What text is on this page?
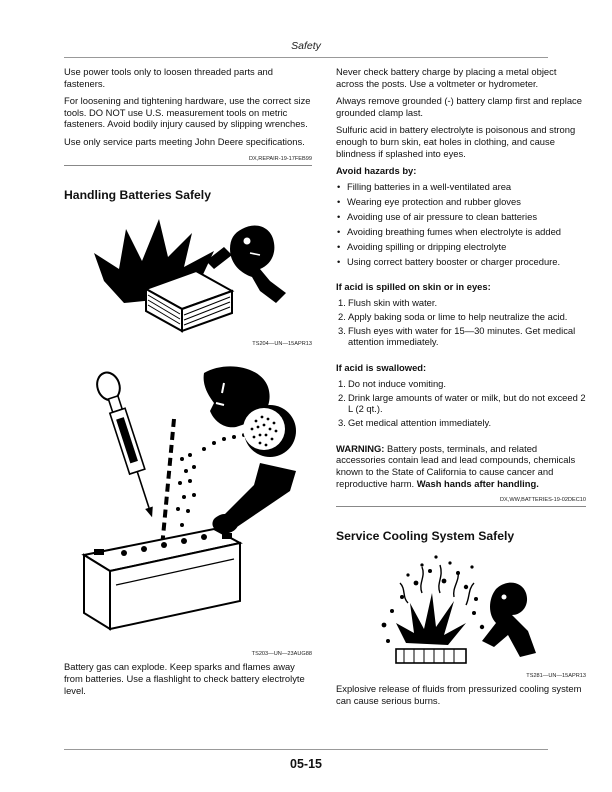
Safety

Use power tools only to loosen threaded parts and fasteners.

For loosening and tightening hardware, use the correct size tools. DO NOT use U.S. measurement tools on metric fasteners. Avoid bodily injury caused by slipping wrenches.

Use only service parts meeting John Deere specifications.

DX,REPAIR-19-17FEB99
Handling Batteries Safely
TS204—UN—15APR13
TS203—UN—23AUG88

Battery gas can explode. Keep sparks and flames away from batteries. Use a flashlight to check battery electrolyte level.

Never check battery charge by placing a metal object across the posts. Use a voltmeter or hydrometer.

Always remove grounded (-) battery clamp first and replace grounded clamp last.

Sulfuric acid in battery electrolyte is poisonous and strong enough to burn skin, eat holes in clothing, and cause blindness if splashed into eyes.

Avoid hazards by:
• Filling batteries in a well-ventilated area
• Wearing eye protection and rubber gloves
• Avoiding use of air pressure to clean batteries
• Avoiding breathing fumes when electrolyte is added
• Avoiding spilling or dripping electrolyte
• Using correct battery booster or charger procedure.
If acid is spilled on skin or in eyes:
1. Flush skin with water.
2. Apply baking soda or lime to help neutralize the acid.
3. Flush eyes with water for 15—30 minutes. Get medical attention immediately.
If acid is swallowed:
1. Do not induce vomiting.
2. Drink large amounts of water or milk, but do not exceed 2 L (2 qt.).
3. Get medical attention immediately.

WARNING: Battery posts, terminals, and related accessories contain lead and lead compounds, chemicals known to the State of California to cause cancer and reproductive harm. Wash hands after handling.

DX,WW,BATTERIES-19-02DEC10
Service Cooling System Safely
TS281—UN—15APR13

Explosive release of fluids from pressurized cooling system can cause serious burns.

05-15
